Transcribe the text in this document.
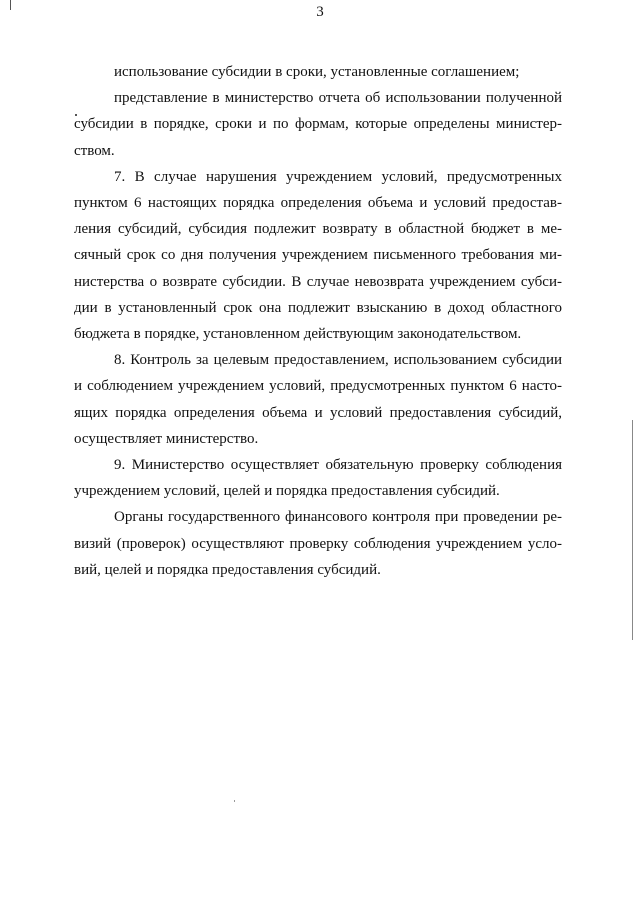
3

использование субсидии в сроки, установленные соглашением;

представление в министерство отчета об использовании полученной
субсидии в порядке, сроки и по формам, которые определены министер-
ством.

7. В случае нарушения учреждением условий, предусмотренных
пунктом 6 настоящих порядка определения объема и условий предостав-
ления субсидий, субсидия подлежит возврату в областной бюджет в ме-
сячный срок со дня получения учреждением письменного требования ми-
нистерства о возврате субсидии. В случае невозврата учреждением субси-
дии в установленный срок она подлежит взысканию в доход областного
бюджета в порядке, установленном действующим законодательством.

8. Контроль за целевым предоставлением, использованием субсидии
и соблюдением учреждением условий, предусмотренных пунктом 6 насто-
ящих порядка определения объема и условий предоставления субсидий,
осуществляет министерство.

9. Министерство осуществляет обязательную проверку соблюдения
учреждением условий, целей и порядка предоставления субсидий.

Органы государственного финансового контроля при проведении ре-
визий (проверок) осуществляют проверку соблюдения учреждением усло-
вий, целей и порядка предоставления субсидий.
